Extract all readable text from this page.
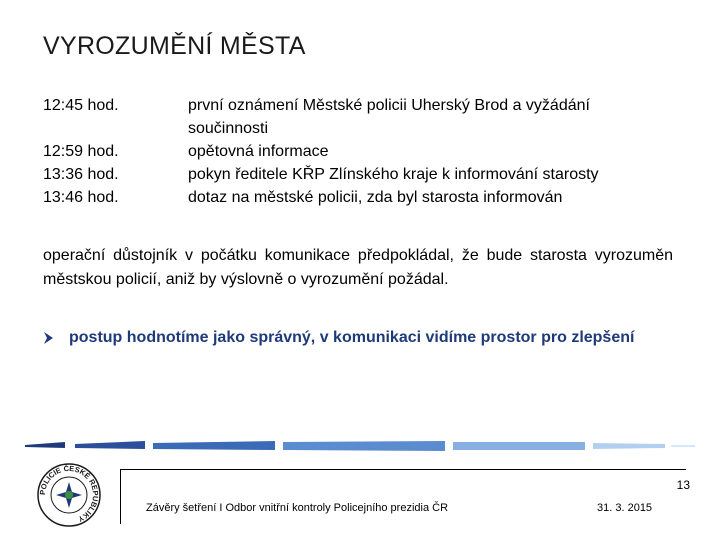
VYROZUMĚNÍ MĚSTA
12:45 hod.
12:59 hod.
13:36 hod.
13:46 hod.
první oznámení Městské policii Uherský Brod a vyžádání
součinnosti
opětovná informace
pokyn ředitele KŘP Zlínského kraje k informování starosty
dotaz na městské policii, zda byl starosta informován
operační důstojník v počátku komunikace předpokládal, že bude starosta vyrozuměn městskou policií, aniž by výslovně o vyrozumění požádal.
postup hodnotíme jako správný, v komunikaci vidíme prostor pro zlepšení
POLICIE ČESKÉ REPUBLIKY
13
Závěry šetření I Odbor vnitřní kontroly Policejního prezidia ČR	31. 3. 2015
